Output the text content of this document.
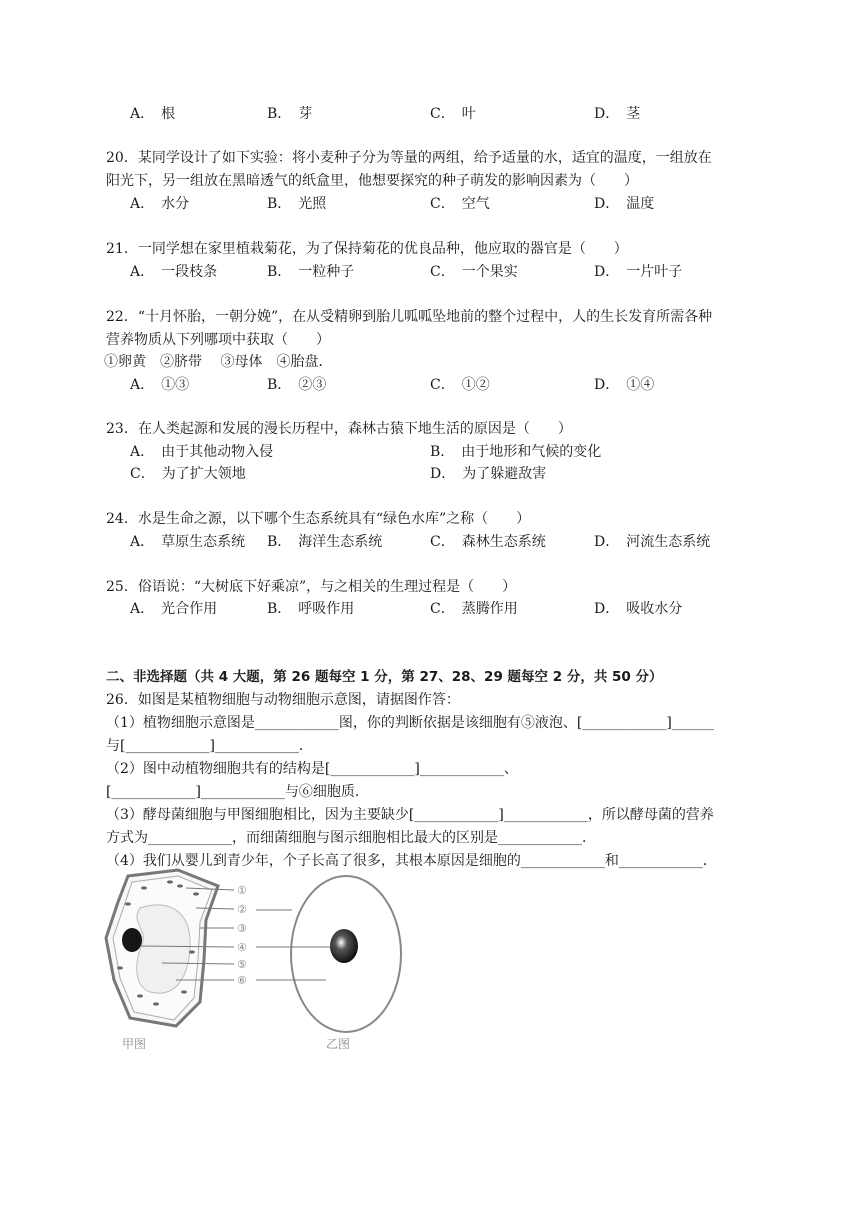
A．　根	B．　芽	C．　叶	D．　茎
20．某同学设计了如下实验：将小麦种子分为等量的两组，给予适量的水，适宜的温度，一组放在
阳光下，另一组放在黑暗透气的纸盒里，他想要探究的种子萌发的影响因素为（　　）
A．　水分	B．　光照	C．　空气	D．　温度
21．一同学想在家里植栽菊花，为了保持菊花的优良品种，他应取的器官是（　　）
A．　一段枝条	B．　一粒种子	C．　一个果实	D．　一片叶子
22．“十月怀胎，一朝分娩”，在从受精卵到胎儿呱呱坠地前的整个过程中，人的生长发育所需各种
营养物质从下列哪项中获取（　　）
①卵黄　②脐带　 ③母体　④胎盘．
A．　①③	B．　②③	C．　①②	D．　①④
23．在人类起源和发展的漫长历程中，森林古猿下地生活的原因是（　　）
A．　由于其他动物入侵	B．　由于地形和气候的变化
C．　为了扩大领地	D．　为了躲避敌害
24．水是生命之源，以下哪个生态系统具有“绿色水库”之称（　　）
A．　草原生态系统 B．　海洋生态系统	C．　森林生态系统	D．　河流生态系统
25．俗语说：“大树底下好乘凉”，与之相关的生理过程是（　　）
A．　光合作用	B．　呼吸作用	C．　蒸腾作用	D．　吸收水分
二、非选择题（共 4 大题，第 26 题每空 1 分，第 27、28、29 题每空 2 分，共 50 分）
26．如图是某植物细胞与动物细胞示意图，请据图作答：
（1）植物细胞示意图是____________图，你的判断依据是该细胞有⑤液泡、[____________]______
与[____________]____________．
（2）图中动植物细胞共有的结构是[____________]____________、
[____________]____________与⑥细胞质．
（3）酵母菌细胞与甲图细胞相比，因为主要缺少[____________]____________，所以酵母菌的营养
方式为____________，而细菌细胞与图示细胞相比最大的区别是____________．
（4）我们从婴儿到青少年，个子长高了很多，其根本原因是细胞的____________和____________．
①
②
③
④
⑤
⑥
甲图	乙图
